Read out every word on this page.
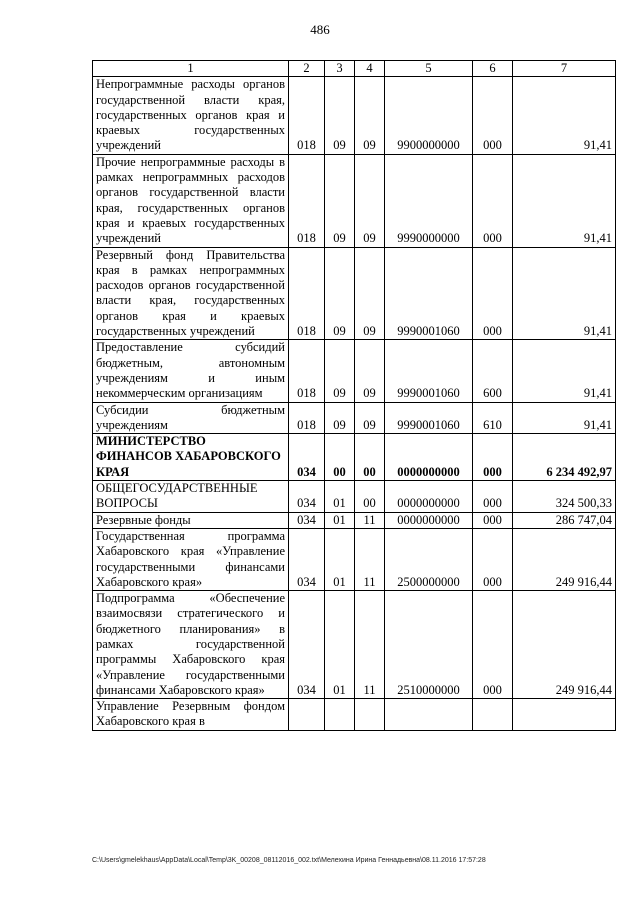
486
1	2	3	4	5	6	7
Непрограммные расходы органов государственной власти края, государственных органов края и краевых государственных учреждений	018	09	09	9900000000	000	91,41
Прочие непрограммные расходы в рамках непрограммных расходов органов государственной власти края, государственных органов края и краевых государственных учреждений	018	09	09	9990000000	000	91,41
Резервный фонд Правительства края в рамках непрограммных расходов органов государственной власти края, государственных органов края и краевых государственных учреждений	018	09	09	9990001060	000	91,41
Предоставление субсидий бюджетным, автономным учреждениям и иным некоммерческим организациям	018	09	09	9990001060	600	91,41
Субсидии бюджетным учреждениям	018	09	09	9990001060	610	91,41
МИНИСТЕРСТВО ФИНАНСОВ ХАБАРОВСКОГО КРАЯ	034	00	00	0000000000	000	6 234 492,97
ОБЩЕГОСУДАРСТВЕННЫЕ ВОПРОСЫ	034	01	00	0000000000	000	324 500,33
Резервные фонды	034	01	11	0000000000	000	286 747,04
Государственная программа Хабаровского края «Управление государственными финансами Хабаровского края»	034	01	11	2500000000	000	249 916,44
Подпрограмма «Обеспечение взаимосвязи стратегического и бюджетного планирования» в рамках государственной программы Хабаровского края «Управление государственными финансами Хабаровского края»	034	01	11	2510000000	000	249 916,44
Управление Резервным фондом Хабаровского края в						
C:\Users\gmelekhaus\AppData\Local\Temp\3K_00208_08112016_002.txt\Мелехина Ирина Геннадьевна\08.11.2016 17:57:28
